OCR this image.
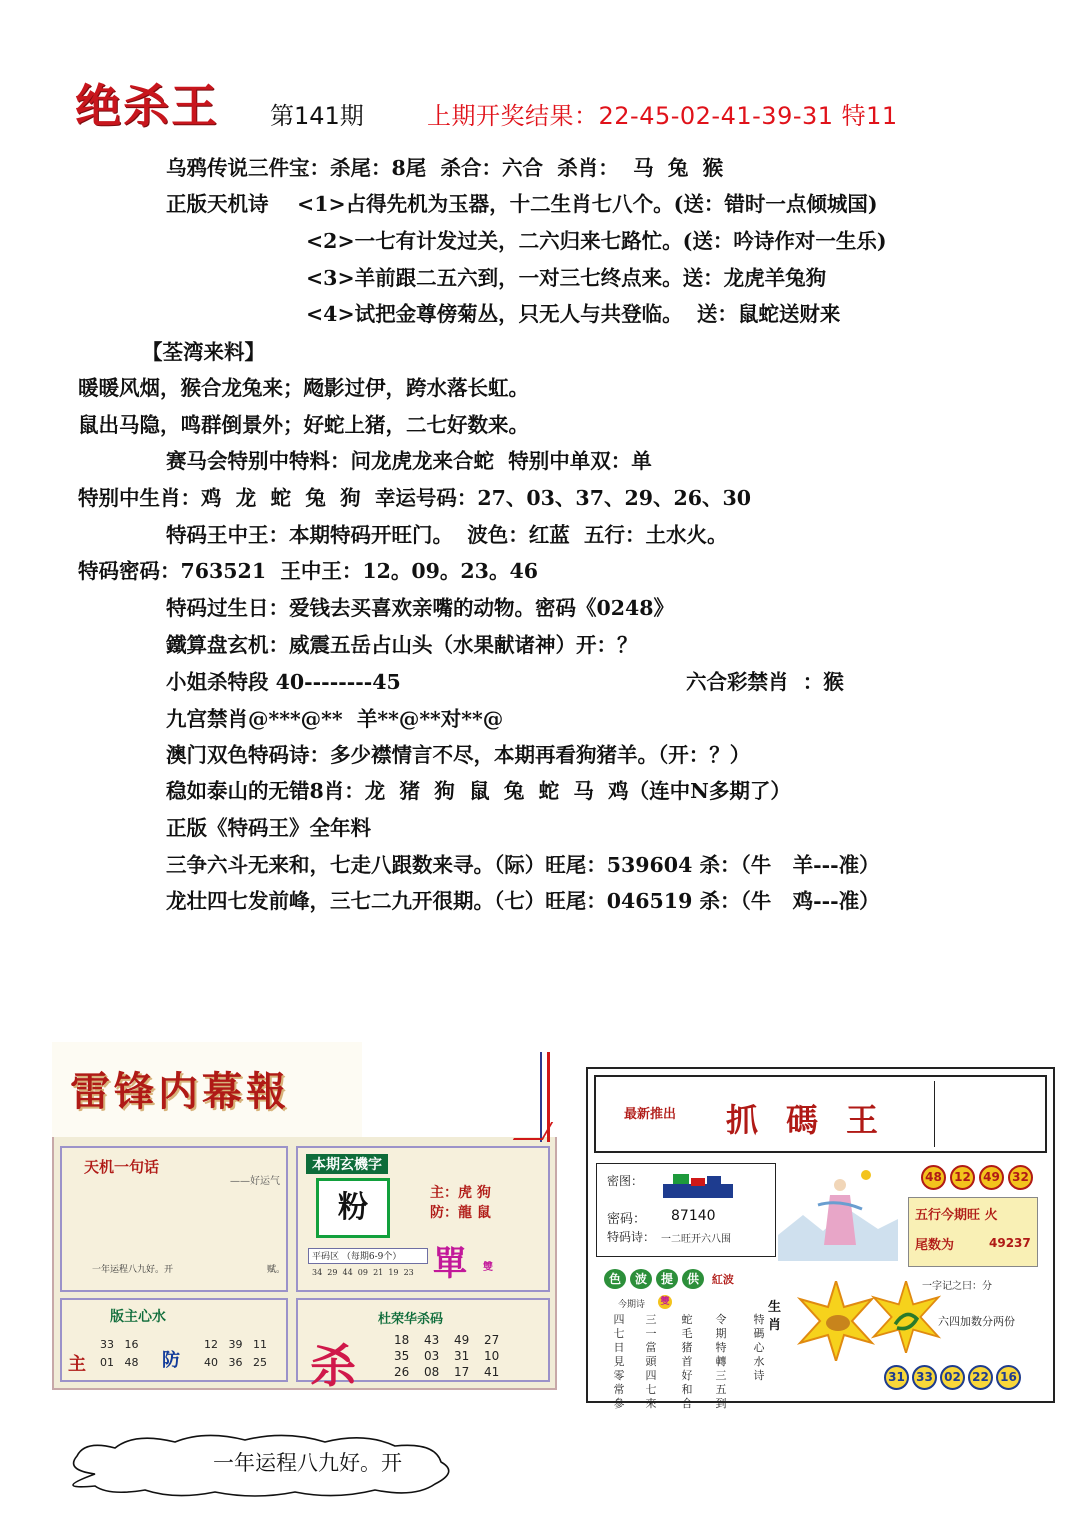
绝杀王 第141期	上期开奖结果：22-45-02-41-39-31 特11
乌鸦传说三件宝：杀尾：8尾  杀合：六合  杀肖：  马  兔  猴
正版天机诗    <1>占得先机为玉器，十二生肖七八个。(送：错时一点倾城国)
<2>一七有计发过关，二六归来七路忙。(送：吟诗作对一生乐)
<3>羊前跟二五六到，一对三七终点来。送：龙虎羊兔狗
<4>试把金尊傍菊丛，只无人与共登临。  送：鼠蛇送财来
【荃湾来料】
暖暖风烟，猴合龙兔来；飏影过伊，跨水落长虹。
鼠出马隐，鸣群倒景外；好蛇上猪，二七好数来。
赛马会特别中特料：问龙虎龙来合蛇  特别中单双：单
特别中生肖：鸡  龙  蛇  兔  狗  幸运号码：27、03、37、29、26、30
特码王中王：本期特码开旺门。  波色：红蓝  五行：土水火。
特码密码：763521  王中王：12。09。23。46
特码过生日：爱钱去买喜欢亲嘴的动物。密码《0248》
鐵算盘玄机：威震五岳占山头（水果献诸神）开：？
小姐杀特段 40--------45	六合彩禁肖  ：猴
九宫禁肖@***@**  羊**@**对**@
澳门双色特码诗：多少襟情言不尽，本期再看狗猪羊。（开：？）
稳如泰山的无错8肖：龙  猪  狗  鼠  兔  蛇  马  鸡（连中N多期了）
正版《特码王》全年料
三争六斗无来和，七走八跟数来寻。（际）旺尾：539604 杀：（牛   羊---准）
龙壮四七发前峰，三七二九开很期。（七）旺尾：046519 杀：（牛   鸡---准）
雷锋内幕報
天机一句话
——好运气
一年运程八九好。开	赋。
本期玄機字
粉	主：虎 狗
防：龍 鼠
單 雙
平码区 （每期6-9个）
34  29  44  09  21  19  23
版主心水
主
33   16
01   48 防
12   39   11
40   36   25 杀
杜荣华杀码
18 43 49 27
35 03 31 10
26 08 17 41
最新推出 抓碼王
密图：
密码： 87140
特码诗： 一二旺开六八围
48	12	49	32
五行今期旺 火
尾数为	49237
色 波 提 供 紅波
今期诗 雙
四七日見零常參
三一當頭四七來
蛇毛猪首好和合
令期特轉三五到
特碼心水诗
生肖
一字记之曰：分
六四加数分两份
31 33 02 22 16
一年运程八九好。开
